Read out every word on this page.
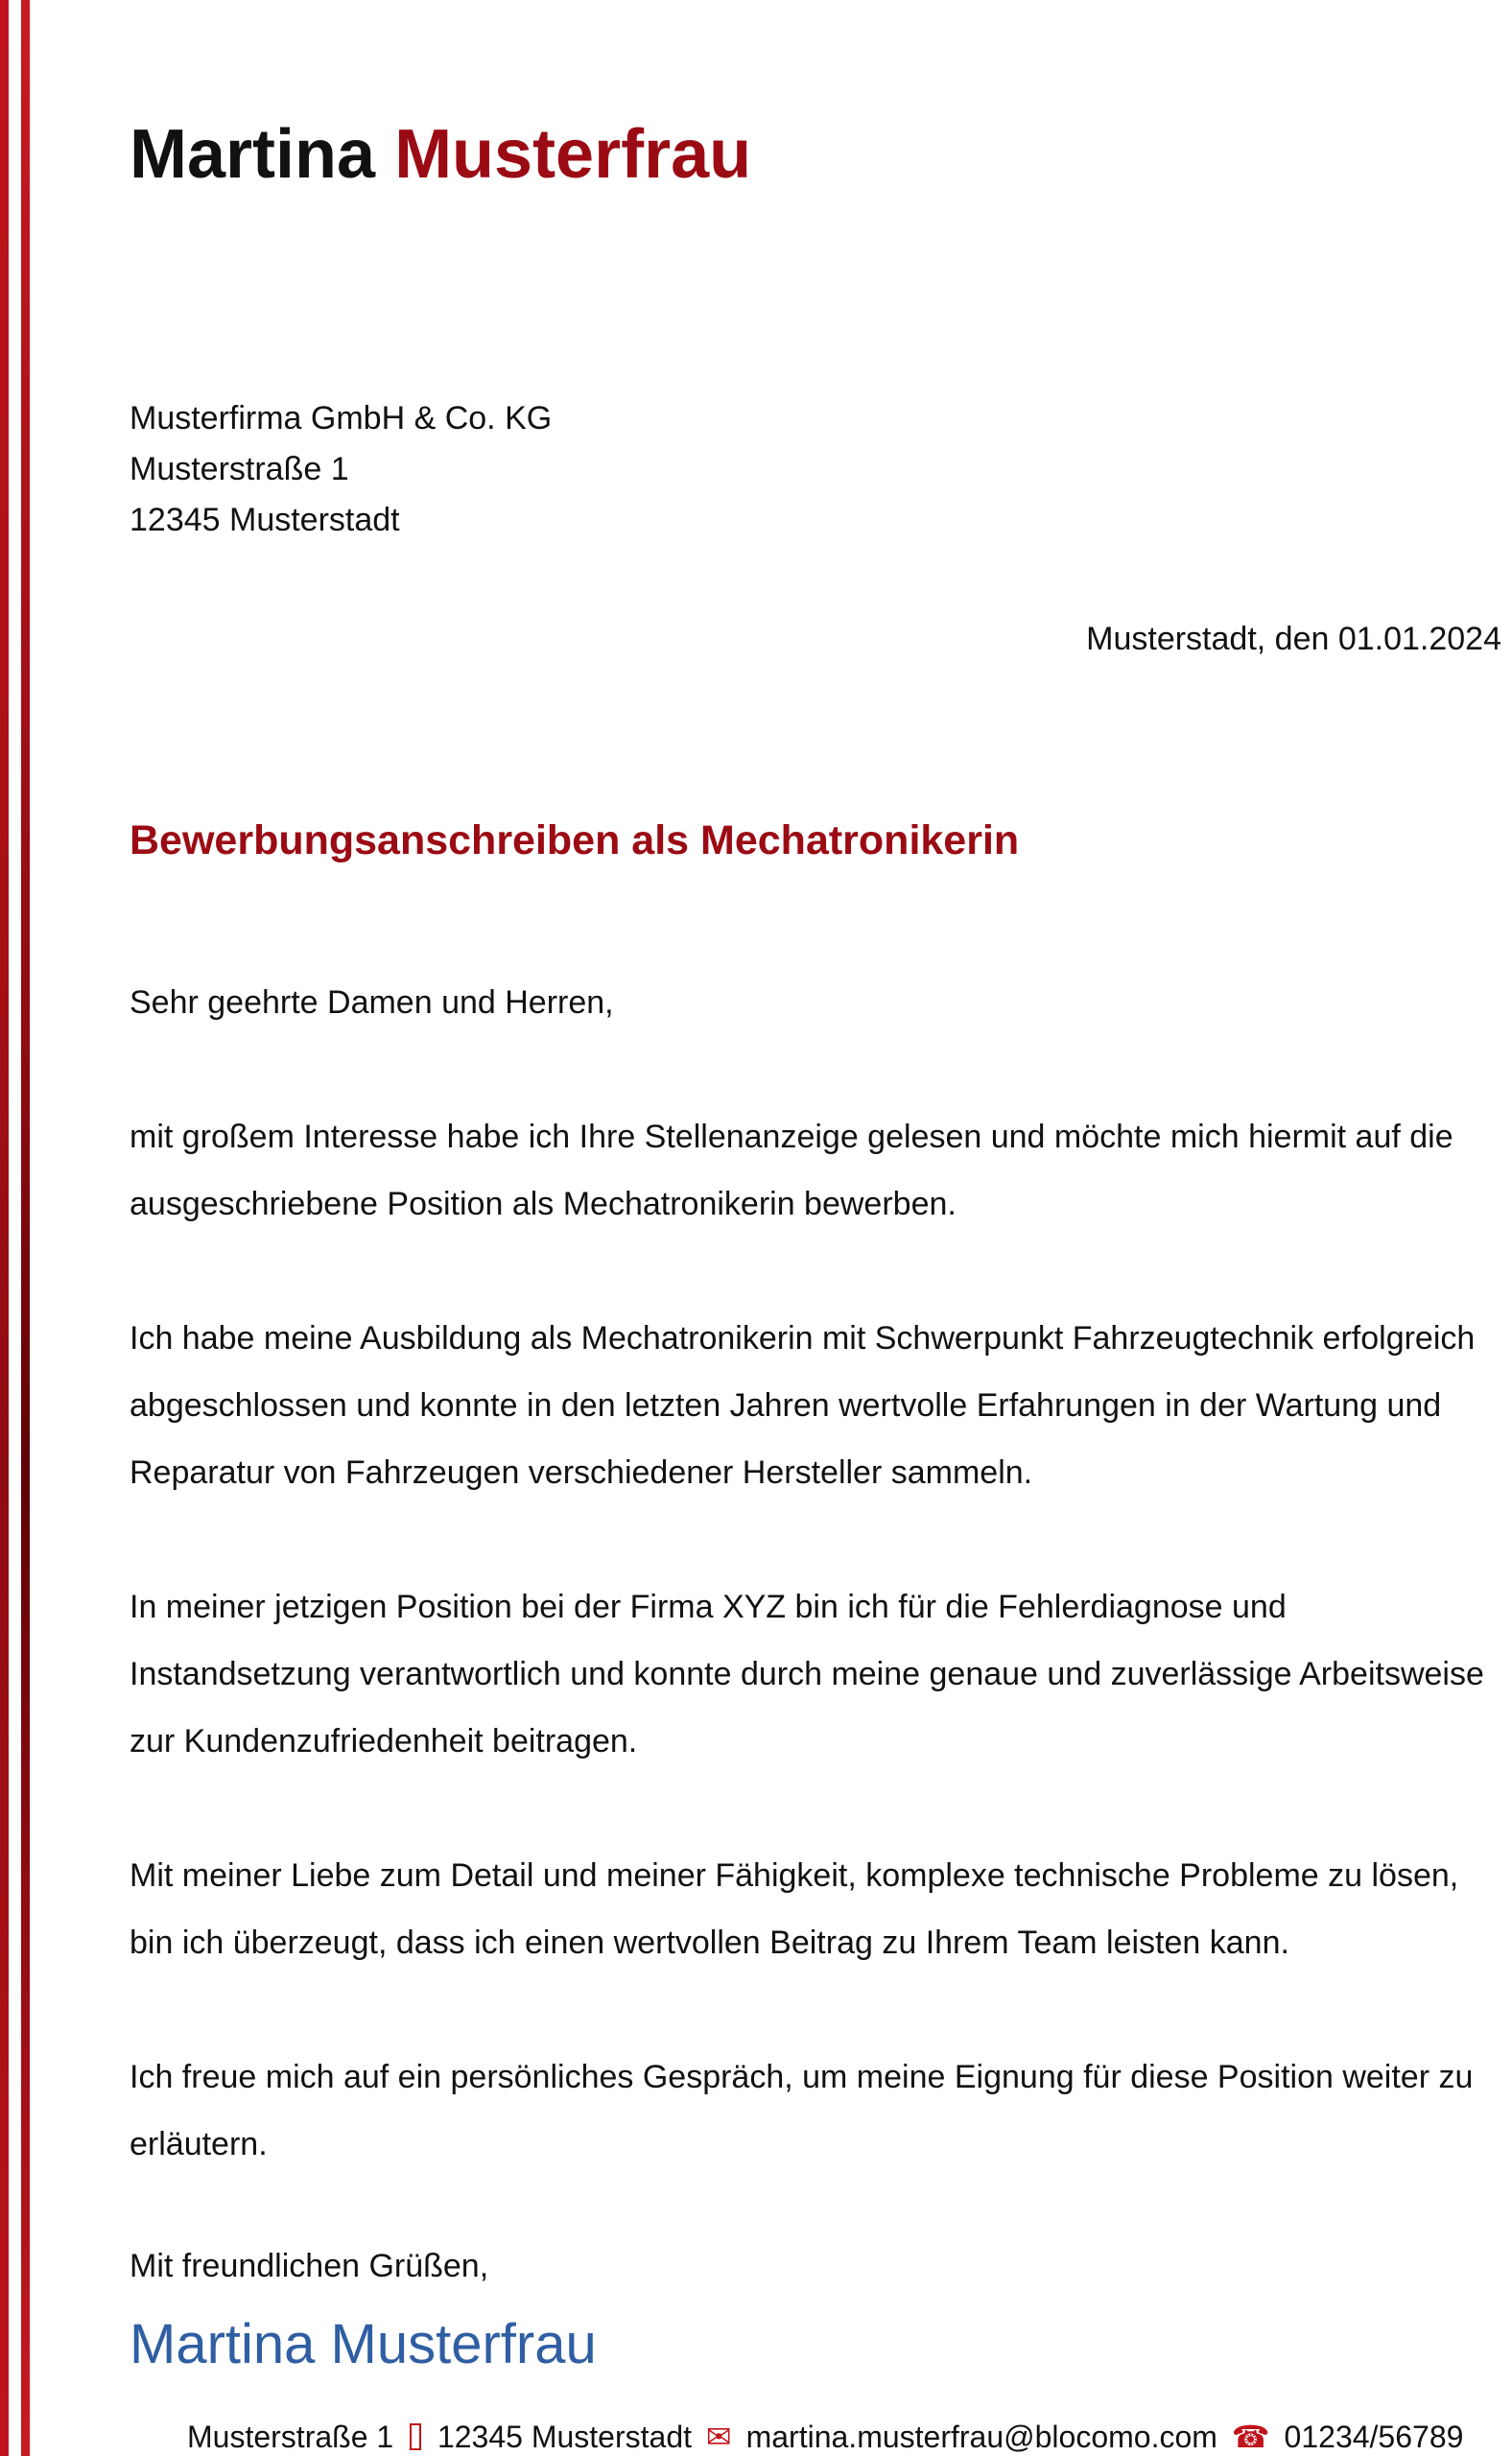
Martina Musterfrau
Musterfirma GmbH & Co. KG
Musterstraße 1
12345 Musterstadt
Musterstadt, den 01.01.2024
Bewerbungsanschreiben als Mechatronikerin

Sehr geehrte Damen und Herren,

mit großem Interesse habe ich Ihre Stellenanzeige gelesen und möchte mich hiermit auf die ausgeschriebene Position als Mechatronikerin bewerben.

Ich habe meine Ausbildung als Mechatronikerin mit Schwerpunkt Fahrzeugtechnik erfolgreich abgeschlossen und konnte in den letzten Jahren wertvolle Erfahrungen in der Wartung und Reparatur von Fahrzeugen verschiedener Hersteller sammeln.

In meiner jetzigen Position bei der Firma XYZ bin ich für die Fehlerdiagnose und Instandsetzung verantwortlich und konnte durch meine genaue und zuverlässige Arbeitsweise zur Kundenzufriedenheit beitragen.

Mit meiner Liebe zum Detail und meiner Fähigkeit, komplexe technische Probleme zu lösen, bin ich überzeugt, dass ich einen wertvollen Beitrag zu Ihrem Team leisten kann.

Ich freue mich auf ein persönliches Gespräch, um meine Eignung für diese Position weiter zu erläutern.

Mit freundlichen Grüßen,
Martina Musterfrau
Musterstraße 1 12345 Musterstadt ✉ martina.musterfrau@blocomo.com ☎ 01234/56789
